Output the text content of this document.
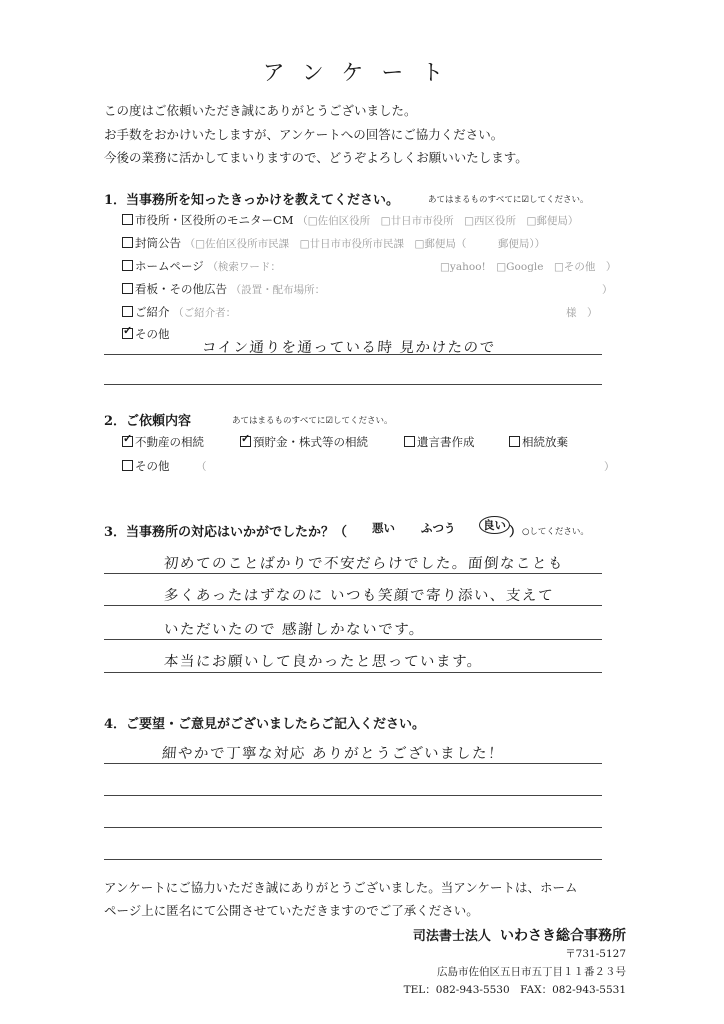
アンケート
この度はご依頼いただき誠にありがとうございました。
お手数をおかけいたしますが、アンケートへの回答にご協力ください。
今後の業務に活かしてまいりますので、どうぞよろしくお願いいたします。
1．当事務所を知ったきっかけを教えてください。	あてはまるものすべてに☑してください。
市役所・区役所のモニターCM （□佐伯区役所　□廿日市市役所　□西区役所　□郵便局）
封筒公告 （□佐伯区役所市民課　□廿日市市役所市民課　□郵便局（　　　郵便局））
ホームページ （検索ワード：	□yahoo!　□Google　□その他　）
看板・その他広告 （設置・配布場所：	）
ご紹介 （ご紹介者：	様　）
✓その他
コイン通りを通っている時 見かけたので
2．ご依頼内容	あてはまるものすべてに☑してください。
✓不動産の相続 ✓	預貯金・株式等の相続	遺言書作成	相続放棄
その他	（	）
3．当事務所の対応はいかがでしたか？（ 悪い ふつう	良い ） ○してください。
初めてのことばかりで不安だらけでした。面倒なことも
多くあったはずなのに いつも笑顔で寄り添い、支えて
いただいたので 感謝しかないです。
本当にお願いして良かったと思っています。
4．ご要望・ご意見がございましたらご記入ください。
細やかで丁寧な対応 ありがとうございました！
アンケートにご協力いただき誠にありがとうございました。当アンケートは、ホーム
ページ上に匿名にて公開させていただきますのでご了承ください。
司法書士法人 いわさき総合事務所
〒731-5127
広島市佐伯区五日市五丁目１１番２３号
TEL：082-943-5530　FAX：082-943-5531
